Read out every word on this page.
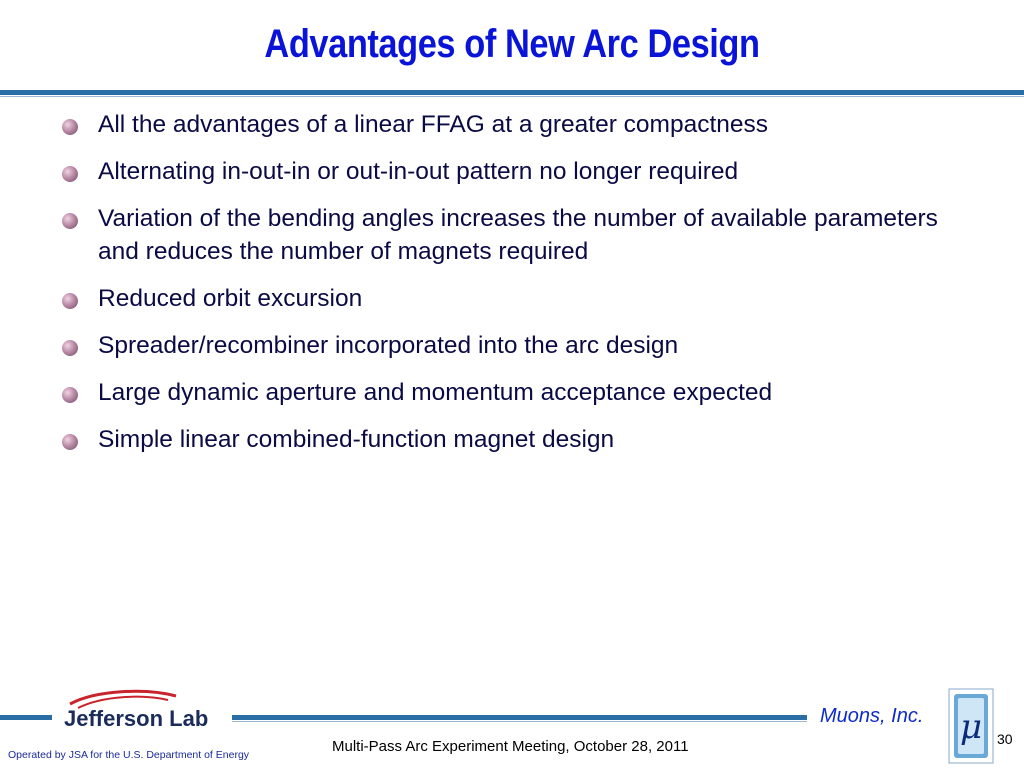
Advantages of New Arc Design
All the advantages of a linear FFAG at a greater compactness
Alternating in-out-in or out-in-out pattern no longer required
Variation of the bending angles increases the number of available parameters and reduces the number of magnets required
Reduced orbit excursion
Spreader/recombiner incorporated into the arc design
Large dynamic aperture and momentum acceptance expected
Simple linear combined-function magnet design
Jefferson Lab
Operated by JSA for the U.S. Department of Energy	Multi-Pass Arc Experiment Meeting, October 28, 2011
Muons, Inc. μ 30
